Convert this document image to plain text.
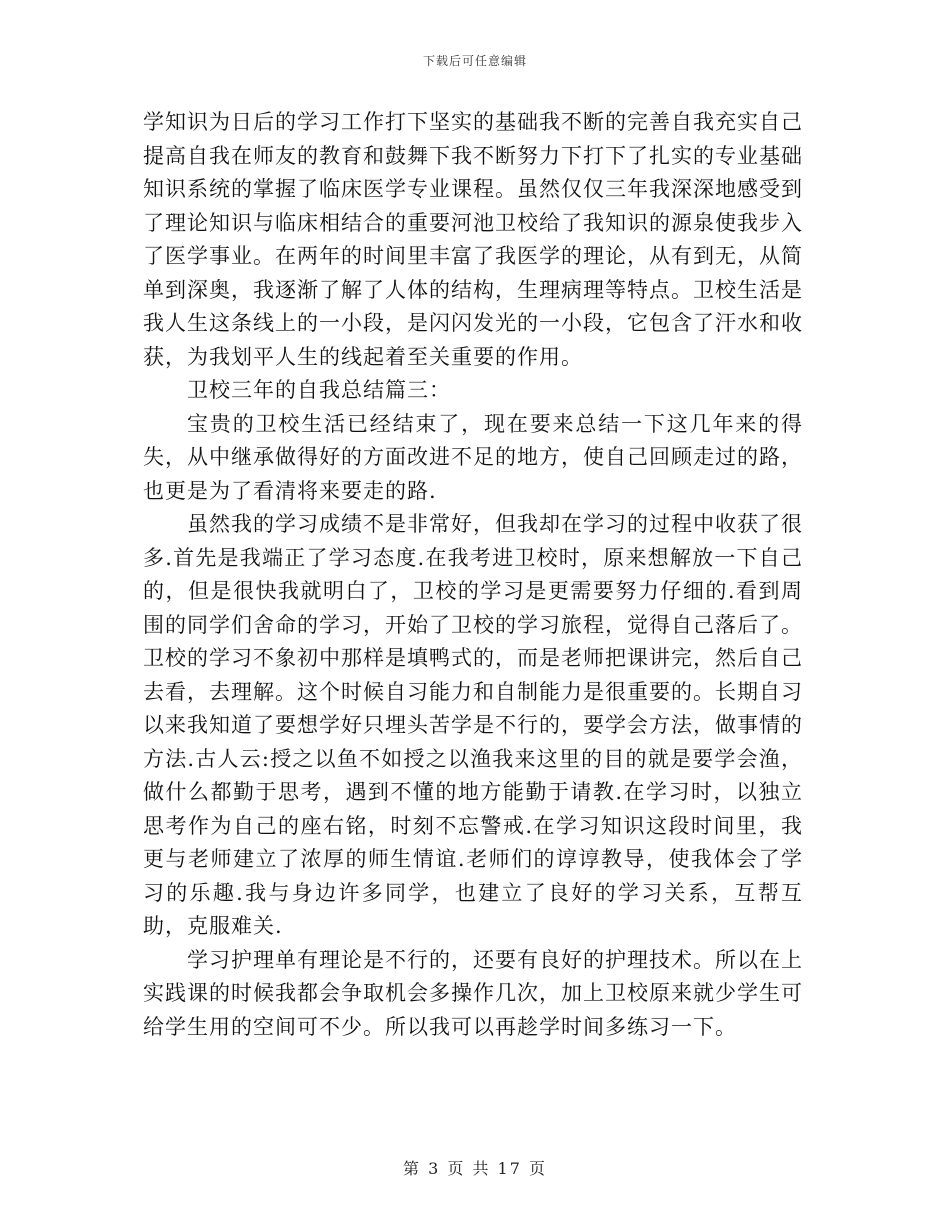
下载后可任意编辑

学知识为日后的学习工作打下坚实的基础我不断的完善自我充实自己提高自我在师友的教育和鼓舞下我不断努力下打下了扎实的专业基础知识系统的掌握了临床医学专业课程。虽然仅仅三年我深深地感受到了理论知识与临床相结合的重要河池卫校给了我知识的源泉使我步入了医学事业。在两年的时间里丰富了我医学的理论，从有到无，从简单到深奥，我逐渐了解了人体的结构，生理病理等特点。卫校生活是我人生这条线上的一小段，是闪闪发光的一小段，它包含了汗水和收获，为我划平人生的线起着至关重要的作用。

卫校三年的自我总结篇三：

宝贵的卫校生活已经结束了，现在要来总结一下这几年来的得失，从中继承做得好的方面改进不足的地方，使自己回顾走过的路，也更是为了看清将来要走的路.

虽然我的学习成绩不是非常好，但我却在学习的过程中收获了很多.首先是我端正了学习态度.在我考进卫校时，原来想解放一下自己的，但是很快我就明白了，卫校的学习是更需要努力仔细的.看到周围的同学们舍命的学习，开始了卫校的学习旅程，觉得自己落后了。卫校的学习不象初中那样是填鸭式的，而是老师把课讲完，然后自己去看，去理解。这个时候自习能力和自制能力是很重要的。长期自习以来我知道了要想学好只埋头苦学是不行的，要学会方法，做事情的方法.古人云:授之以鱼不如授之以渔我来这里的目的就是要学会渔，做什么都勤于思考，遇到不懂的地方能勤于请教.在学习时，以独立思考作为自己的座右铭，时刻不忘警戒.在学习知识这段时间里，我更与老师建立了浓厚的师生情谊.老师们的谆谆教导，使我体会了学习的乐趣.我与身边许多同学，也建立了良好的学习关系，互帮互助，克服难关.

学习护理单有理论是不行的，还要有良好的护理技术。所以在上实践课的时候我都会争取机会多操作几次，加上卫校原来就少学生可给学生用的空间可不少。所以我可以再趁学时间多练习一下。

第 3 页 共 17 页
